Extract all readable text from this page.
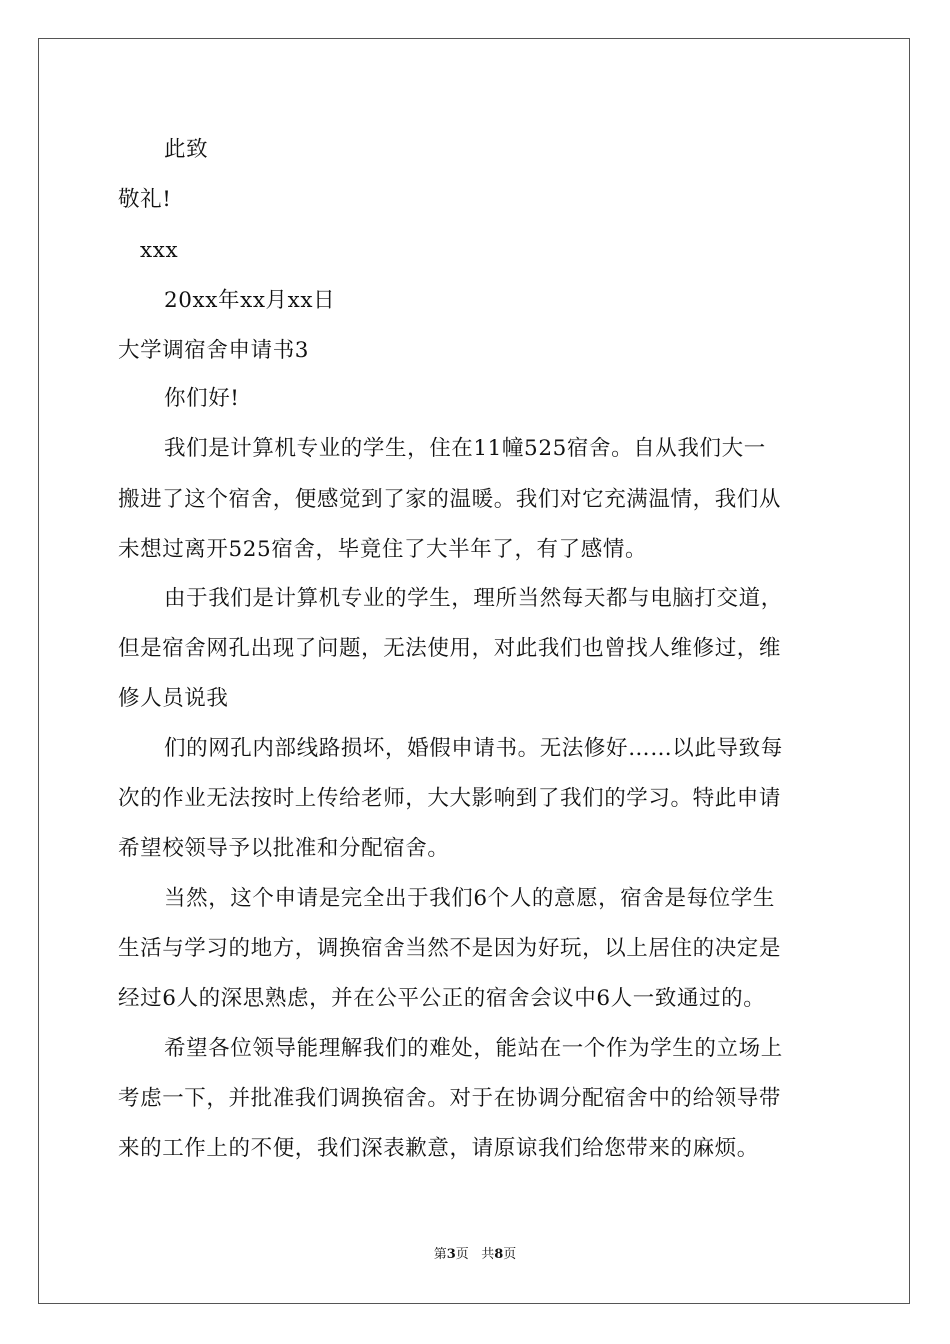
此致
敬礼!
xxx
20xx年xx月xx日
大学调宿舍申请书3
你们好!
我们是计算机专业的学生，住在11幢525宿舍。自从我们大一
搬进了这个宿舍，便感觉到了家的温暖。我们对它充满温情，我们从
未想过离开525宿舍，毕竟住了大半年了，有了感情。
由于我们是计算机专业的学生，理所当然每天都与电脑打交道，
但是宿舍网孔出现了问题，无法使用，对此我们也曾找人维修过，维
修人员说我
们的网孔内部线路损坏，婚假申请书。无法修好……以此导致每
次的作业无法按时上传给老师，大大影响到了我们的学习。特此申请
希望校领导予以批准和分配宿舍。
当然，这个申请是完全出于我们6个人的意愿，宿舍是每位学生
生活与学习的地方，调换宿舍当然不是因为好玩，以上居住的决定是
经过6人的深思熟虑，并在公平公正的宿舍会议中6人一致通过的。
希望各位领导能理解我们的难处，能站在一个作为学生的立场上
考虑一下，并批准我们调换宿舍。对于在协调分配宿舍中的给领导带
来的工作上的不便，我们深表歉意，请原谅我们给您带来的麻烦。
第3页 共8页
